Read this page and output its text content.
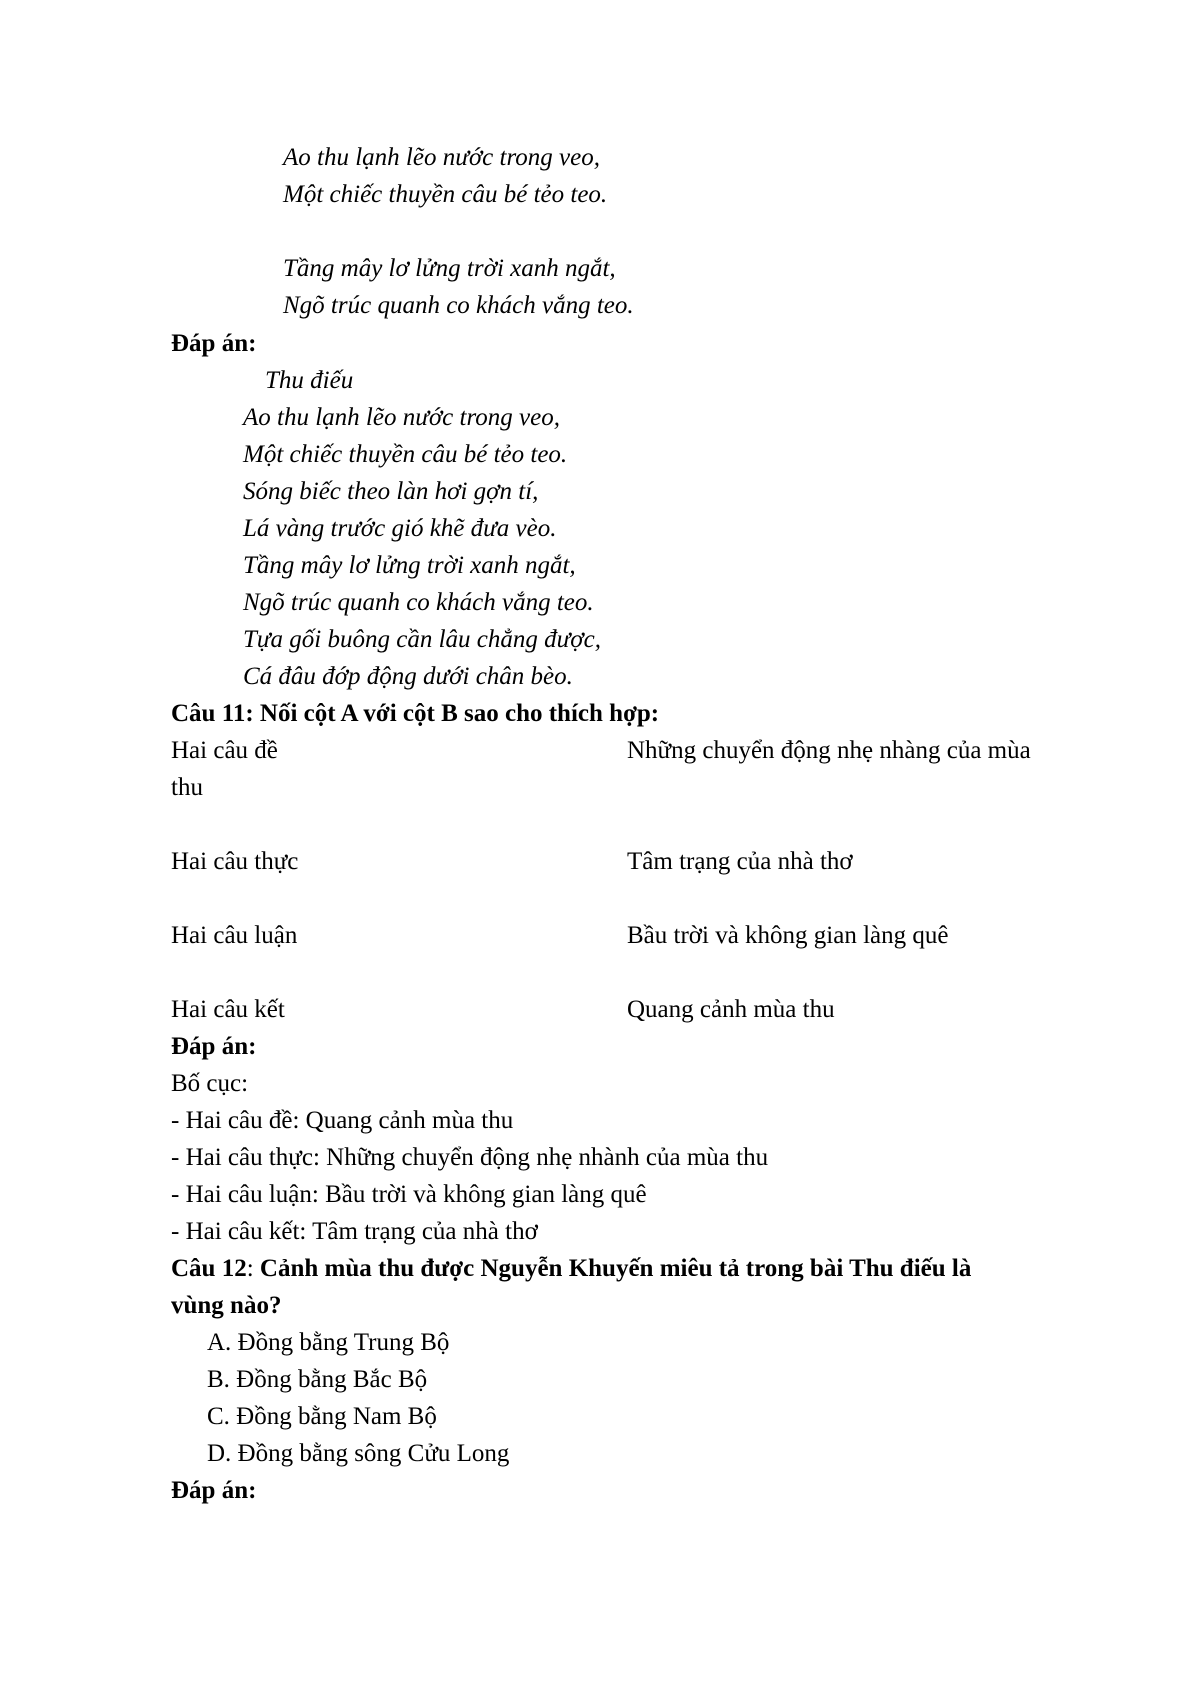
Ao thu lạnh lẽo nước trong veo,

Một chiếc thuyền câu bé tẻo teo.

Tầng mây lơ lửng trời xanh ngắt,

Ngõ trúc quanh co khách vắng teo.

Đáp án:

Thu điếu

Ao thu lạnh lẽo nước trong veo,

Một chiếc thuyền câu bé tẻo teo.

Sóng biếc theo làn hơi gợn tí,

Lá vàng trước gió khẽ đưa vèo.

Tầng mây lơ lửng trời xanh ngắt,

Ngõ trúc quanh co khách vắng teo.

Tựa gối buông cần lâu chẳng được,

Cá đâu đớp động dưới chân bèo.

Câu 11: Nối cột A với cột B sao cho thích hợp:

Hai câu đề	Những chuyển động nhẹ nhàng của mùa

thu

Hai câu thực	Tâm trạng của nhà thơ

Hai câu luận	Bầu trời và không gian làng quê

Hai câu kết	Quang cảnh mùa thu

Đáp án:

Bố cục:

- Hai câu đề: Quang cảnh mùa thu

- Hai câu thực: Những chuyển động nhẹ nhành của mùa thu

- Hai câu luận: Bầu trời và không gian làng quê

- Hai câu kết: Tâm trạng của nhà thơ

Câu 12: Cảnh mùa thu được Nguyễn Khuyến miêu tả trong bài Thu điếu là

vùng nào?

A. Đồng bằng Trung Bộ

B. Đồng bằng Bắc Bộ

C. Đồng bằng Nam Bộ

D. Đồng bằng sông Cửu Long

Đáp án:
